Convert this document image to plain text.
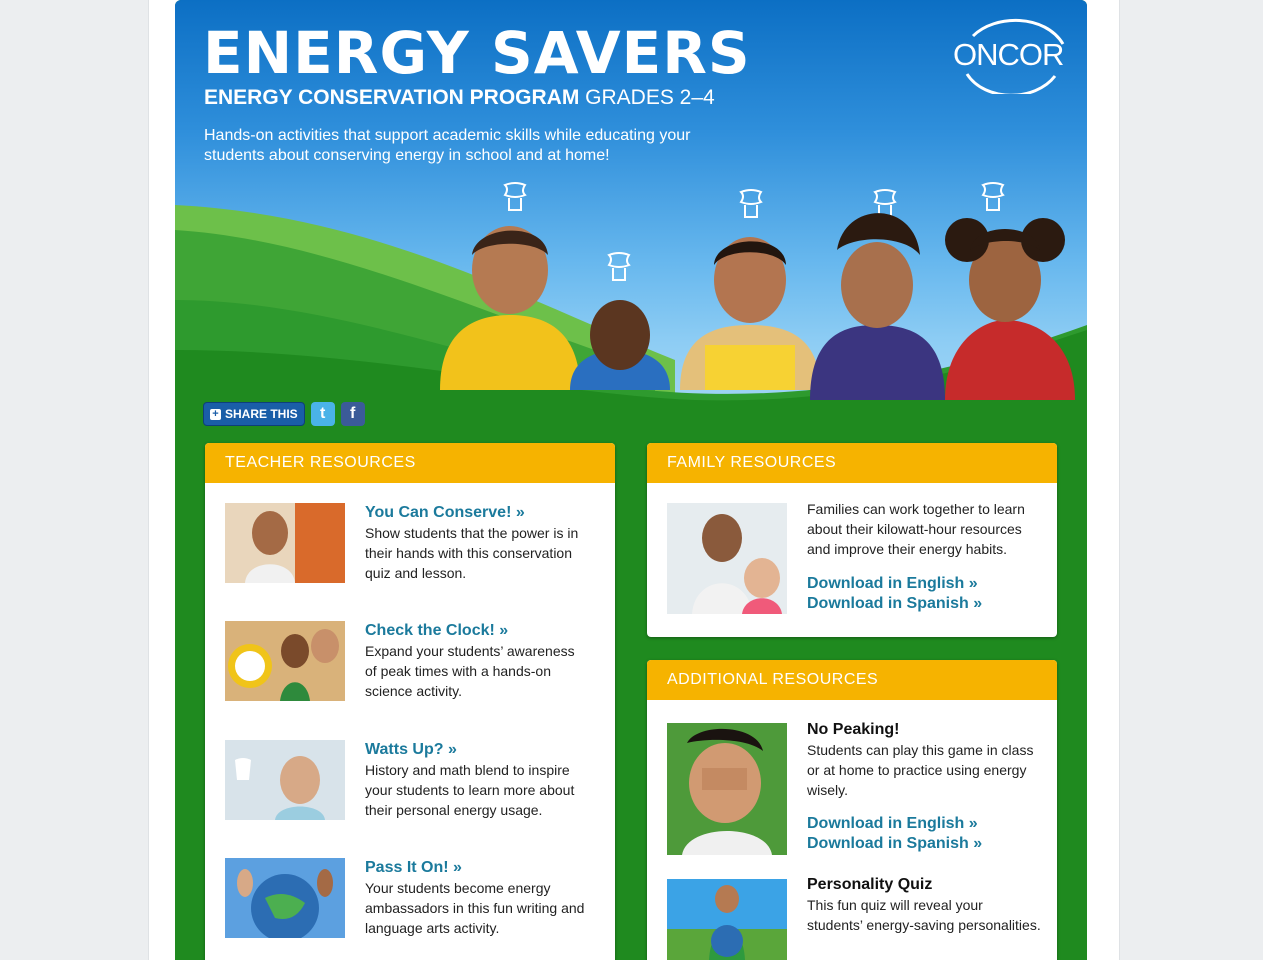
ENERGY SAVERS
ENERGY CONSERVATION PROGRAM GRADES 2–4
Hands-on activities that support academic skills while educating your students about conserving energy in school and at home!
ONCOR
+ SHARE THIS	t	f
TEACHER RESOURCES
You Can Conserve! »
Show students that the power is in their hands with this conservation quiz and lesson.
Check the Clock! »
Expand your students’ awareness of peak times with a hands-on science activity.
Watts Up? »
History and math blend to inspire your students to learn more about their personal energy usage.
Pass It On! »
Your students become energy ambassadors in this fun writing and language arts activity.
FAMILY RESOURCES
Families can work together to learn about their kilowatt-hour resources and improve their energy habits.
Download in English »
Download in Spanish »
ADDITIONAL RESOURCES
No Peaking!
Students can play this game in class or at home to practice using energy wisely.
Download in English »
Download in Spanish »
Personality Quiz
This fun quiz will reveal your students’ energy-saving personalities.
